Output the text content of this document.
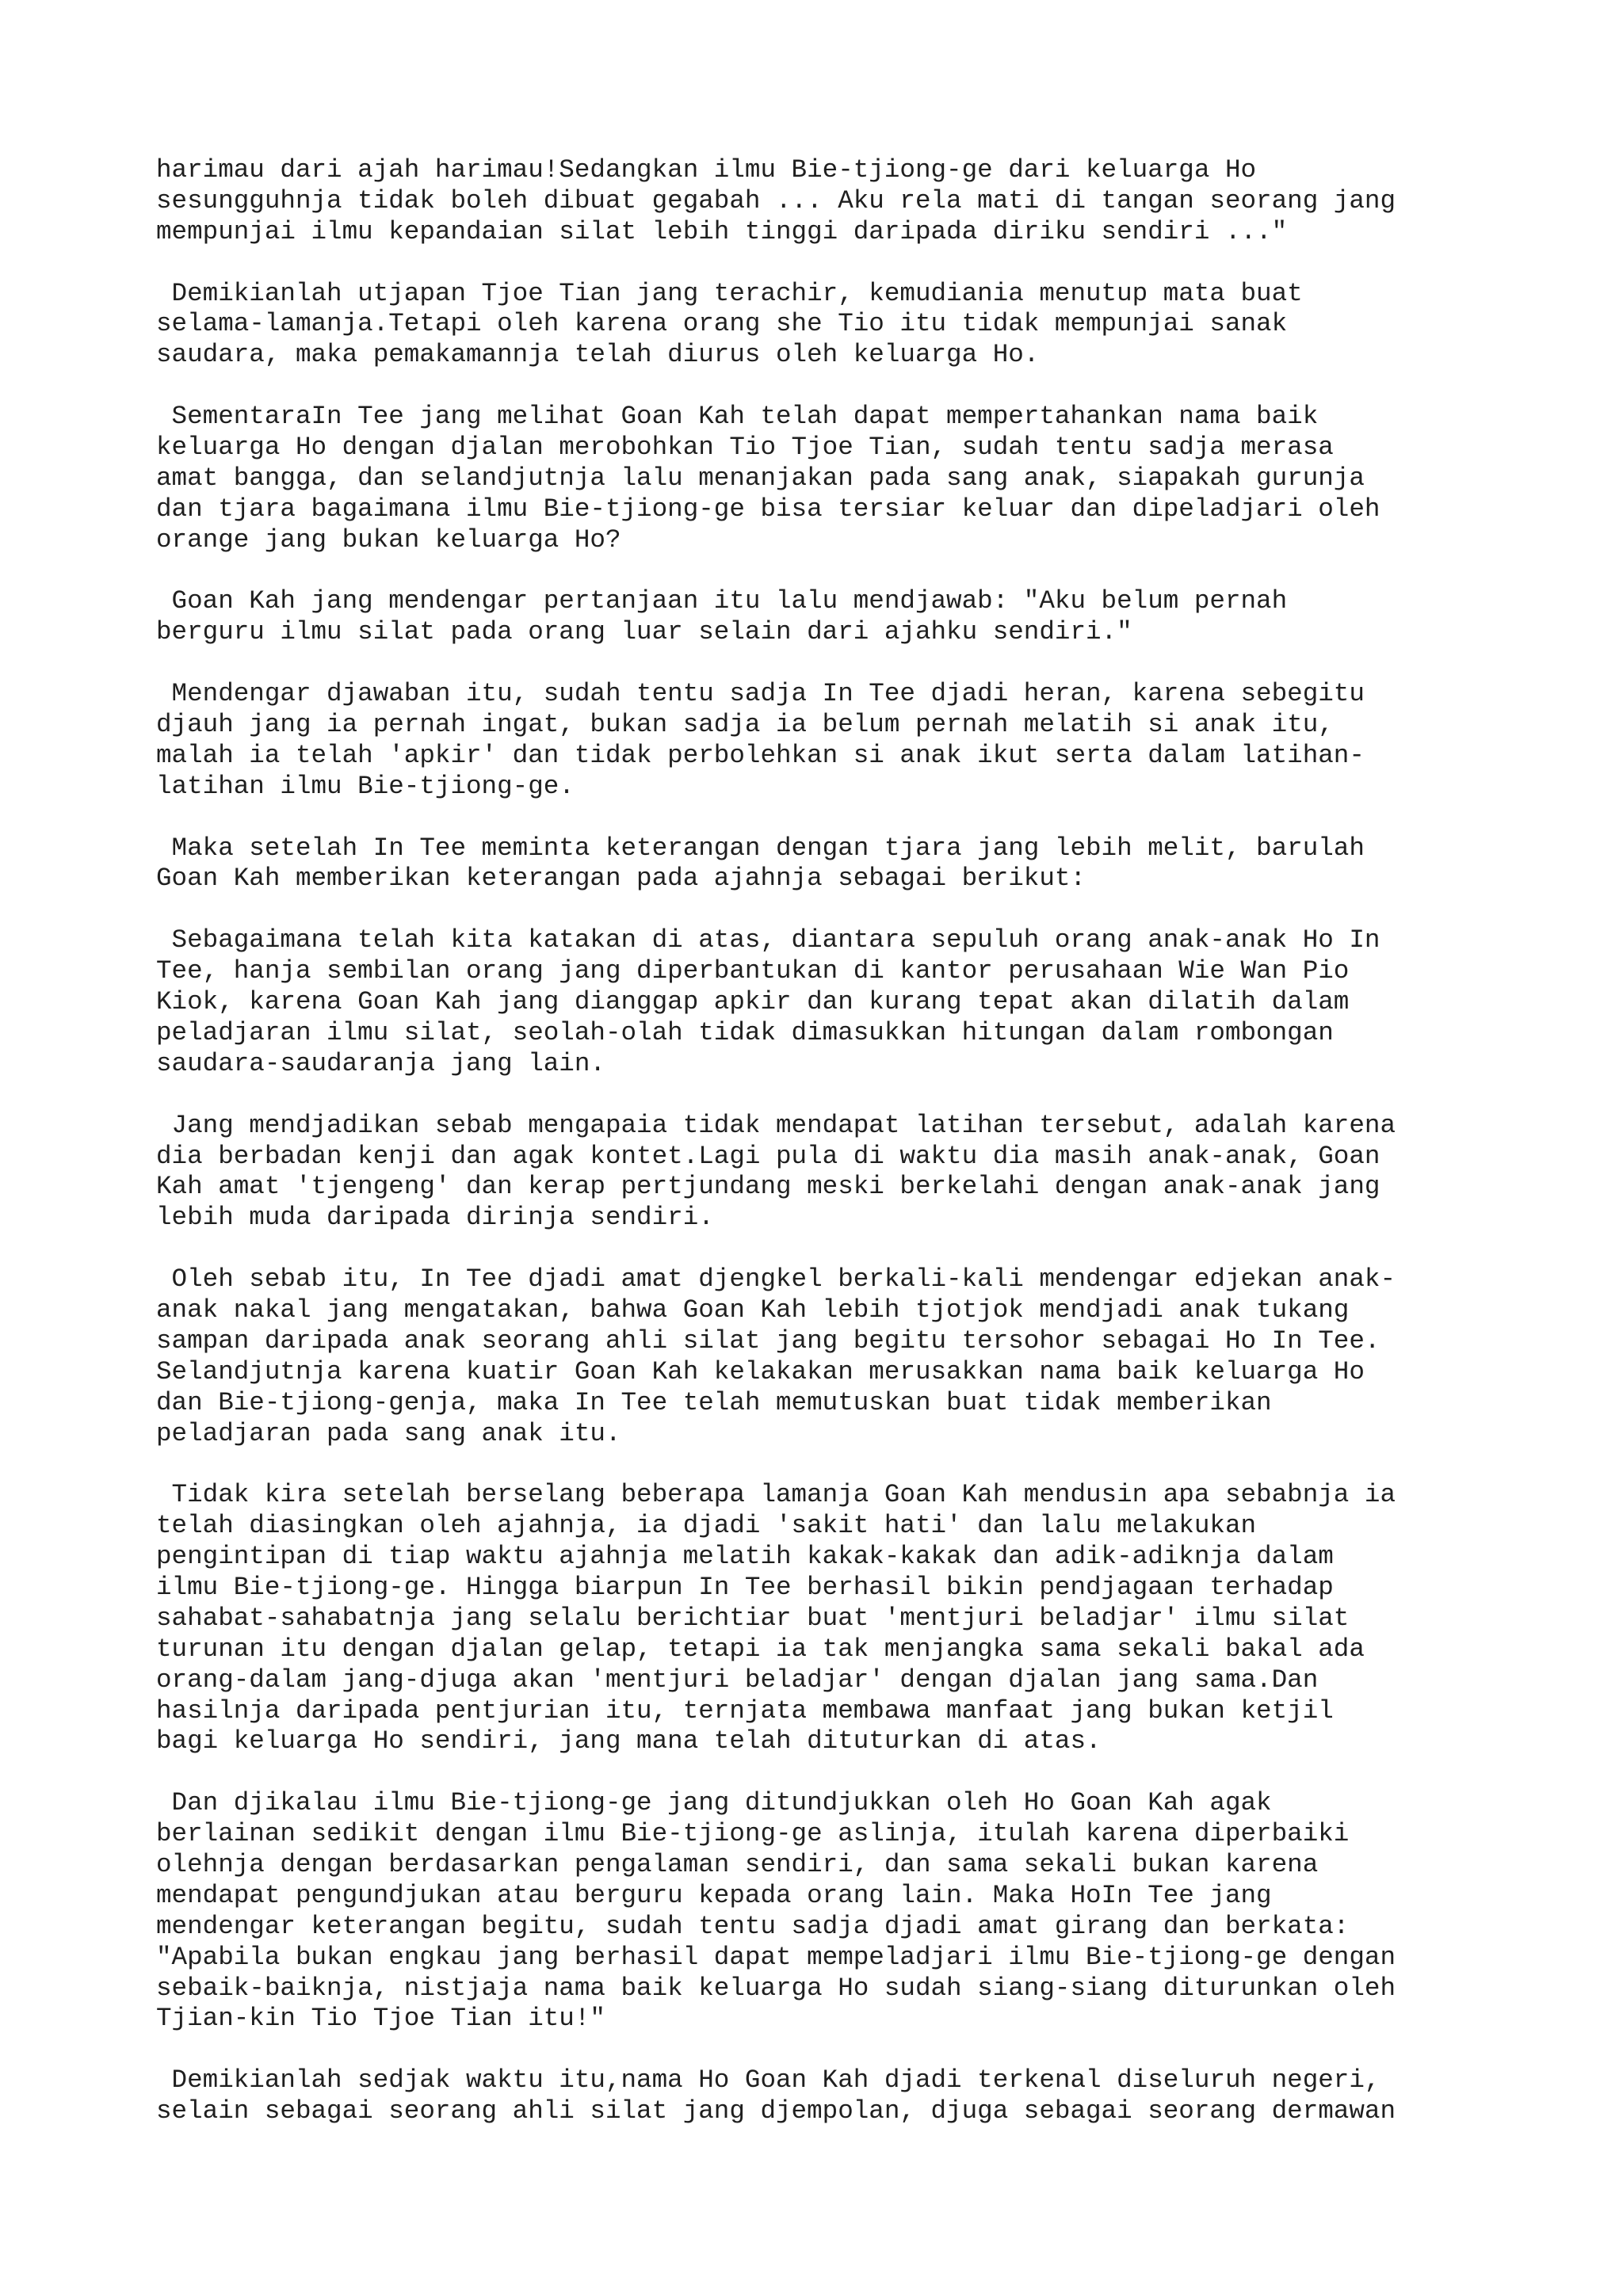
harimau dari ajah harimau!Sedangkan ilmu Bie-tjiong-ge dari keluarga Ho
sesungguhnja tidak boleh dibuat gegabah ... Aku rela mati di tangan seorang jang
mempunjai ilmu kepandaian silat lebih tinggi daripada diriku sendiri ..."
Demikianlah utjapan Tjoe Tian jang terachir, kemudiania menutup mata buat
selama-lamanja.Tetapi oleh karena orang she Tio itu tidak mempunjai sanak
saudara, maka pemakamannja telah diurus oleh keluarga Ho.
SementaraIn Tee jang melihat Goan Kah telah dapat mempertahankan nama baik
keluarga Ho dengan djalan merobohkan Tio Tjoe Tian, sudah tentu sadja merasa
amat bangga, dan selandjutnja lalu menanjakan pada sang anak, siapakah gurunja
dan tjara bagaimana ilmu Bie-tjiong-ge bisa tersiar keluar dan dipeladjari oleh
orange jang bukan keluarga Ho?
Goan Kah jang mendengar pertanjaan itu lalu mendjawab: "Aku belum pernah
berguru ilmu silat pada orang luar selain dari ajahku sendiri."
Mendengar djawaban itu, sudah tentu sadja In Tee djadi heran, karena sebegitu
djauh jang ia pernah ingat, bukan sadja ia belum pernah melatih si anak itu,
malah ia telah 'apkir' dan tidak perbolehkan si anak ikut serta dalam latihan-
latihan ilmu Bie-tjiong-ge.
Maka setelah In Tee meminta keterangan dengan tjara jang lebih melit, barulah
Goan Kah memberikan keterangan pada ajahnja sebagai berikut:
Sebagaimana telah kita katakan di atas, diantara sepuluh orang anak-anak Ho In
Tee, hanja sembilan orang jang diperbantukan di kantor perusahaan Wie Wan Pio
Kiok, karena Goan Kah jang dianggap apkir dan kurang tepat akan dilatih dalam
peladjaran ilmu silat, seolah-olah tidak dimasukkan hitungan dalam rombongan
saudara-saudaranja jang lain.
Jang mendjadikan sebab mengapaia tidak mendapat latihan tersebut, adalah karena
dia berbadan kenji dan agak kontet.Lagi pula di waktu dia masih anak-anak, Goan
Kah amat 'tjengeng' dan kerap pertjundang meski berkelahi dengan anak-anak jang
lebih muda daripada dirinja sendiri.
Oleh sebab itu, In Tee djadi amat djengkel berkali-kali mendengar edjekan anak-
anak nakal jang mengatakan, bahwa Goan Kah lebih tjotjok mendjadi anak tukang
sampan daripada anak seorang ahli silat jang begitu tersohor sebagai Ho In Tee.
Selandjutnja karena kuatir Goan Kah kelakakan merusakkan nama baik keluarga Ho
dan Bie-tjiong-genja, maka In Tee telah memutuskan buat tidak memberikan
peladjaran pada sang anak itu.
Tidak kira setelah berselang beberapa lamanja Goan Kah mendusin apa sebabnja ia
telah diasingkan oleh ajahnja, ia djadi 'sakit hati' dan lalu melakukan
pengintipan di tiap waktu ajahnja melatih kakak-kakak dan adik-adiknja dalam
ilmu Bie-tjiong-ge. Hingga biarpun In Tee berhasil bikin pendjagaan terhadap
sahabat-sahabatnja jang selalu berichtiar buat 'mentjuri beladjar' ilmu silat
turunan itu dengan djalan gelap, tetapi ia tak menjangka sama sekali bakal ada
orang-dalam jang-djuga akan 'mentjuri beladjar' dengan djalan jang sama.Dan
hasilnja daripada pentjurian itu, ternjata membawa manfaat jang bukan ketjil
bagi keluarga Ho sendiri, jang mana telah dituturkan di atas.
Dan djikalau ilmu Bie-tjiong-ge jang ditundjukkan oleh Ho Goan Kah agak
berlainan sedikit dengan ilmu Bie-tjiong-ge aslinja, itulah karena diperbaiki
olehnja dengan berdasarkan pengalaman sendiri, dan sama sekali bukan karena
mendapat pengundjukan atau berguru kepada orang lain. Maka HoIn Tee jang
mendengar keterangan begitu, sudah tentu sadja djadi amat girang dan berkata:
"Apabila bukan engkau jang berhasil dapat mempeladjari ilmu Bie-tjiong-ge dengan
sebaik-baiknja, nistjaja nama baik keluarga Ho sudah siang-siang diturunkan oleh
Tjian-kin Tio Tjoe Tian itu!"
Demikianlah sedjak waktu itu,nama Ho Goan Kah djadi terkenal diseluruh negeri,
selain sebagai seorang ahli silat jang djempolan, djuga sebagai seorang dermawan
